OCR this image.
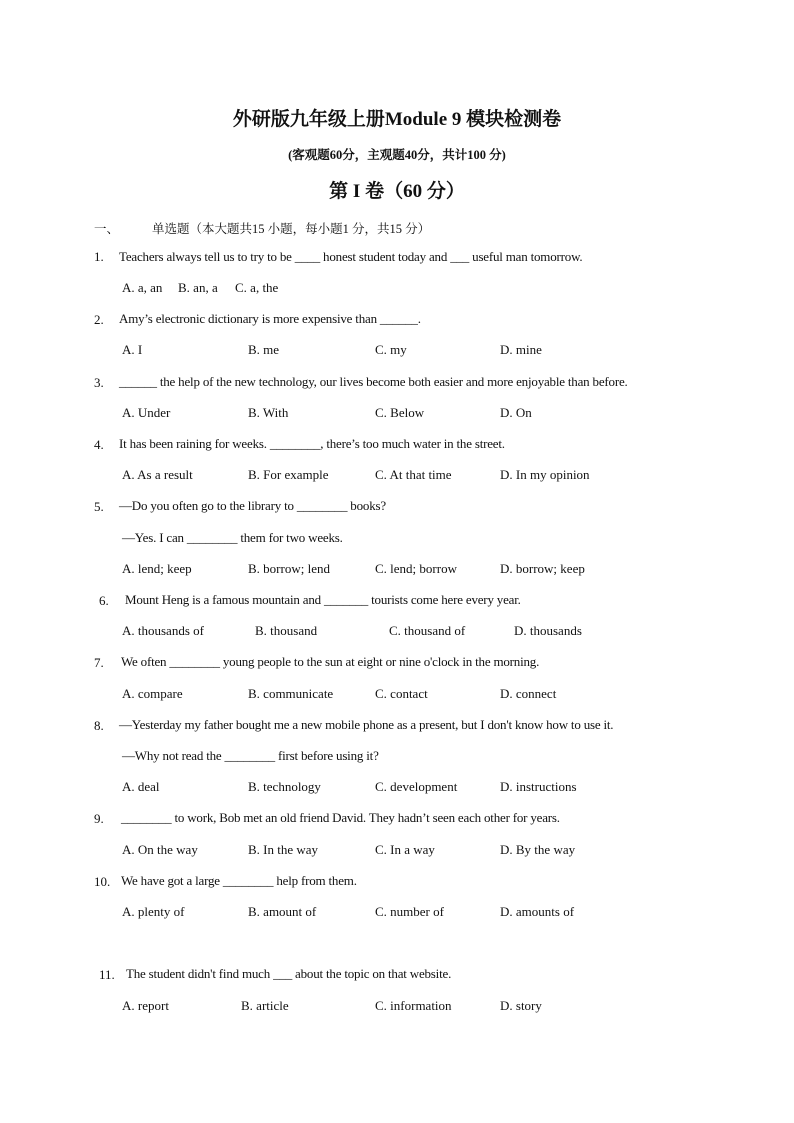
外研版九年级上册Module 9 模块检测卷
(客观题60分，主观题40分，共计100 分)
第 I 卷（60 分）
一、	单选题（本大题共15 小题，每小题1 分，共15 分）
1. Teachers always tell us to try to be ____ honest student today and ___ useful man tomorrow.
A. a, an B. an, a C. a, the
2. Amy’s electronic dictionary is more expensive than ______.
A. I	B. me	C. my	D. mine
3. ______ the help of the new technology, our lives become both easier and more enjoyable than before.
A. Under	B. With	C. Below	D. On
4. It has been raining for weeks. ________, there’s too much water in the street.
A. As a result	B. For example	C. At that time	D. In my opinion
5. —Do you often go to the library to ________ books?
—Yes. I can ________ them for two weeks.
A. lend; keep	B. borrow; lend	C. lend; borrow	D. borrow; keep
6. Mount Heng is a famous mountain and _______ tourists come here every year.
A. thousands of	B. thousand	C. thousand of	D. thousands
7. We often ________ young people to the sun at eight or nine o'clock in the morning.
A. compare	B. communicate	C. contact	D. connect
8. —Yesterday my father bought me a new mobile phone as a present, but I don't know how to use it.
—Why not read the ________ first before using it?
A. deal	B. technology	C. development	D. instructions
9. ________ to work, Bob met an old friend David. They hadn’t seen each other for years.
A. On the way	B. In the way	C. In a way	D. By the way
10. We have got a large ________ help from them.
A. plenty of	B. amount of	C. number of	D. amounts of
11. The student didn't find much ___ about the topic on that website.
A. report	B. article	C. information	D. story
